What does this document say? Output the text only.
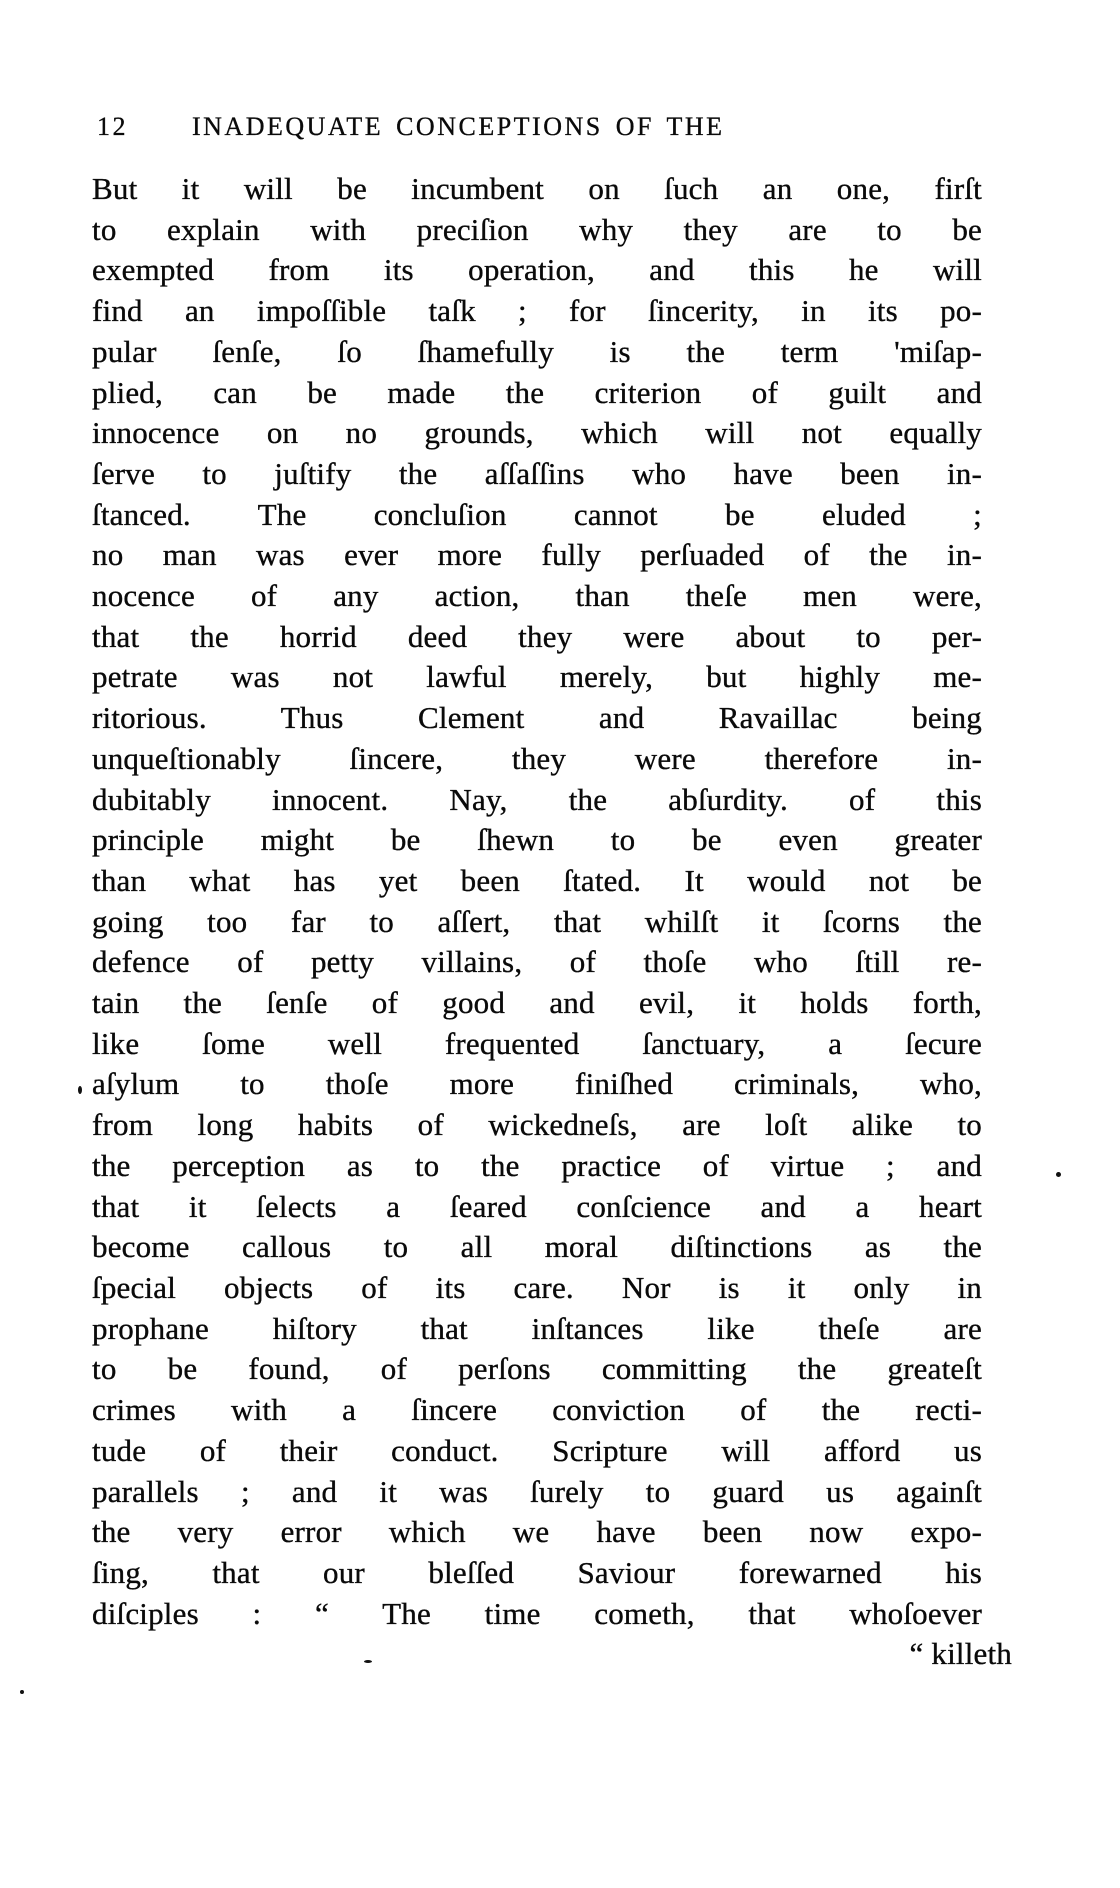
12 INADEQUATE CONCEPTIONS OF THE

But it will be incumbent on ſuch an one, firſt

to explain with preciſion why they are to be

exempted from its operation, and this he will

find an impoſſible taſk ; for ſincerity, in its po-

pular ſenſe, ſo ſhamefully is the term 'miſap-

plied, can be made the criterion of guilt and

innocence on no grounds, which will not equally

ſerve to juſtify the aſſaſſins who have been in-

ſtanced. The concluſion cannot be eluded ;

no man was ever more fully perſuaded of the in-

nocence of any action, than theſe men were,

that the horrid deed they were about to per-

petrate was not lawful merely, but highly me-

ritorious. Thus Clement and Ravaillac being

unqueſtionably ſincere, they were therefore in-

dubitably innocent. Nay, the abſurdity. of this

principle might be ſhewn to be even greater

than what has yet been ſtated. It would not be

going too far to aſſert, that whilſt it ſcorns the

defence of petty villains, of thoſe who ſtill re-

tain the ſenſe of good and evil, it holds forth,

like ſome well frequented ſanctuary, a ſecure

aſylum to thoſe more finiſhed criminals, who,

from long habits of wickedneſs, are loſt alike to

the perception as to the practice of virtue ; and

that it ſelects a ſeared conſcience and a heart

become callous to all moral diſtinctions as the

ſpecial objects of its care. Nor is it only in

prophane hiſtory that inſtances like theſe are

to be found, of perſons committing the greateſt

crimes with a ſincere conviction of the recti-

tude of their conduct. Scripture will afford us

parallels ; and it was ſurely to guard us againſt

the very error which we have been now expo-

ſing, that our bleſſed Saviour forewarned his

diſciples : “ The time cometh, that whoſoever

“ killeth
